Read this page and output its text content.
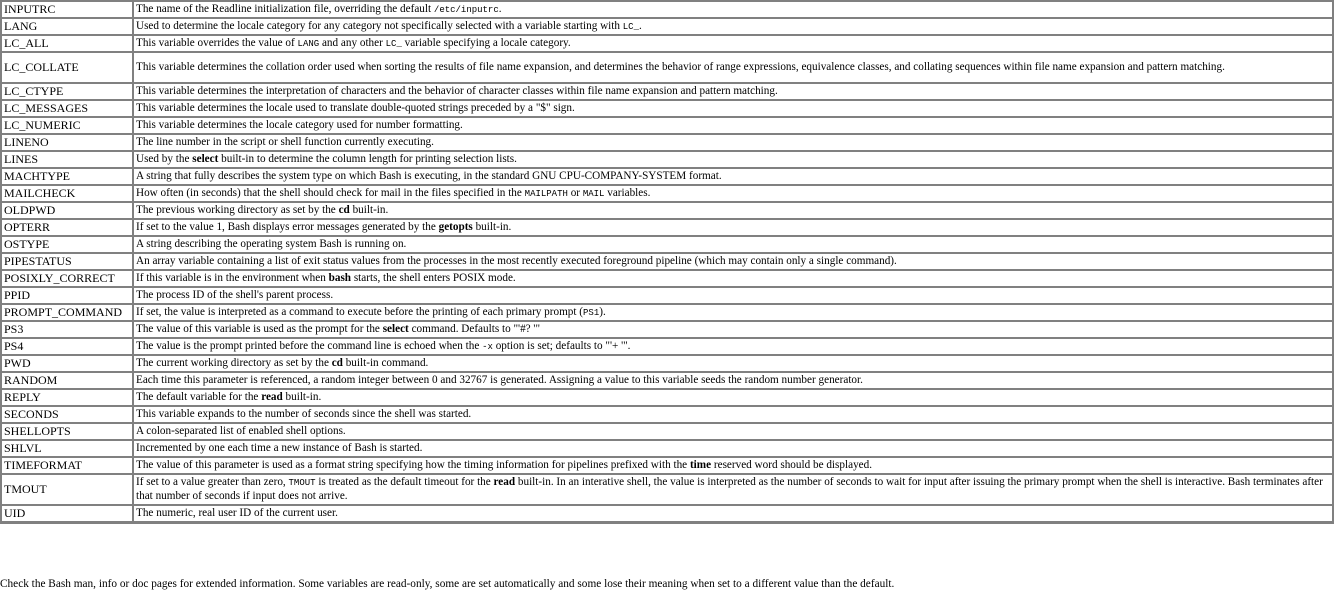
INPUTRC	The name of the Readline initialization file, overriding the default /etc/inputrc.
LANG	Used to determine the locale category for any category not specifically selected with a variable starting with LC_.
LC_ALL	This variable overrides the value of LANG and any other LC_ variable specifying a locale category.
LC_COLLATE	This variable determines the collation order used when sorting the results of file name expansion, and determines the behavior of range expressions, equivalence classes, and collating sequences within file name expansion and pattern matching.
LC_CTYPE	This variable determines the interpretation of characters and the behavior of character classes within file name expansion and pattern matching.
LC_MESSAGES	This variable determines the locale used to translate double-quoted strings preceded by a "$" sign.
LC_NUMERIC	This variable determines the locale category used for number formatting.
LINENO	The line number in the script or shell function currently executing.
LINES	Used by the select built-in to determine the column length for printing selection lists.
MACHTYPE	A string that fully describes the system type on which Bash is executing, in the standard GNU CPU-COMPANY-SYSTEM format.
MAILCHECK	How often (in seconds) that the shell should check for mail in the files specified in the MAILPATH or MAIL variables.
OLDPWD	The previous working directory as set by the cd built-in.
OPTERR	If set to the value 1, Bash displays error messages generated by the getopts built-in.
OSTYPE	A string describing the operating system Bash is running on.
PIPESTATUS	An array variable containing a list of exit status values from the processes in the most recently executed foreground pipeline (which may contain only a single command).
POSIXLY_CORRECT	If this variable is in the environment when bash starts, the shell enters POSIX mode.
PPID	The process ID of the shell's parent process.
PROMPT_COMMAND	If set, the value is interpreted as a command to execute before the printing of each primary prompt (PS1).
PS3	The value of this variable is used as the prompt for the select command. Defaults to "'#? '"
PS4	The value is the prompt printed before the command line is echoed when the -x option is set; defaults to "'+ '".
PWD	The current working directory as set by the cd built-in command.
RANDOM	Each time this parameter is referenced, a random integer between 0 and 32767 is generated. Assigning a value to this variable seeds the random number generator.
REPLY	The default variable for the read built-in.
SECONDS	This variable expands to the number of seconds since the shell was started.
SHELLOPTS	A colon-separated list of enabled shell options.
SHLVL	Incremented by one each time a new instance of Bash is started.
TIMEFORMAT	The value of this parameter is used as a format string specifying how the timing information for pipelines prefixed with the time reserved word should be displayed.
TMOUT	If set to a value greater than zero, TMOUT is treated as the default timeout for the read built-in. In an interative shell, the value is interpreted as the number of seconds to wait for input after issuing the primary prompt when the shell is interactive. Bash terminates after that number of seconds if input does not arrive.
UID	The numeric, real user ID of the current user.

Check the Bash man, info or doc pages for extended information. Some variables are read-only, some are set automatically and some lose their meaning when set to a different value than the default.
